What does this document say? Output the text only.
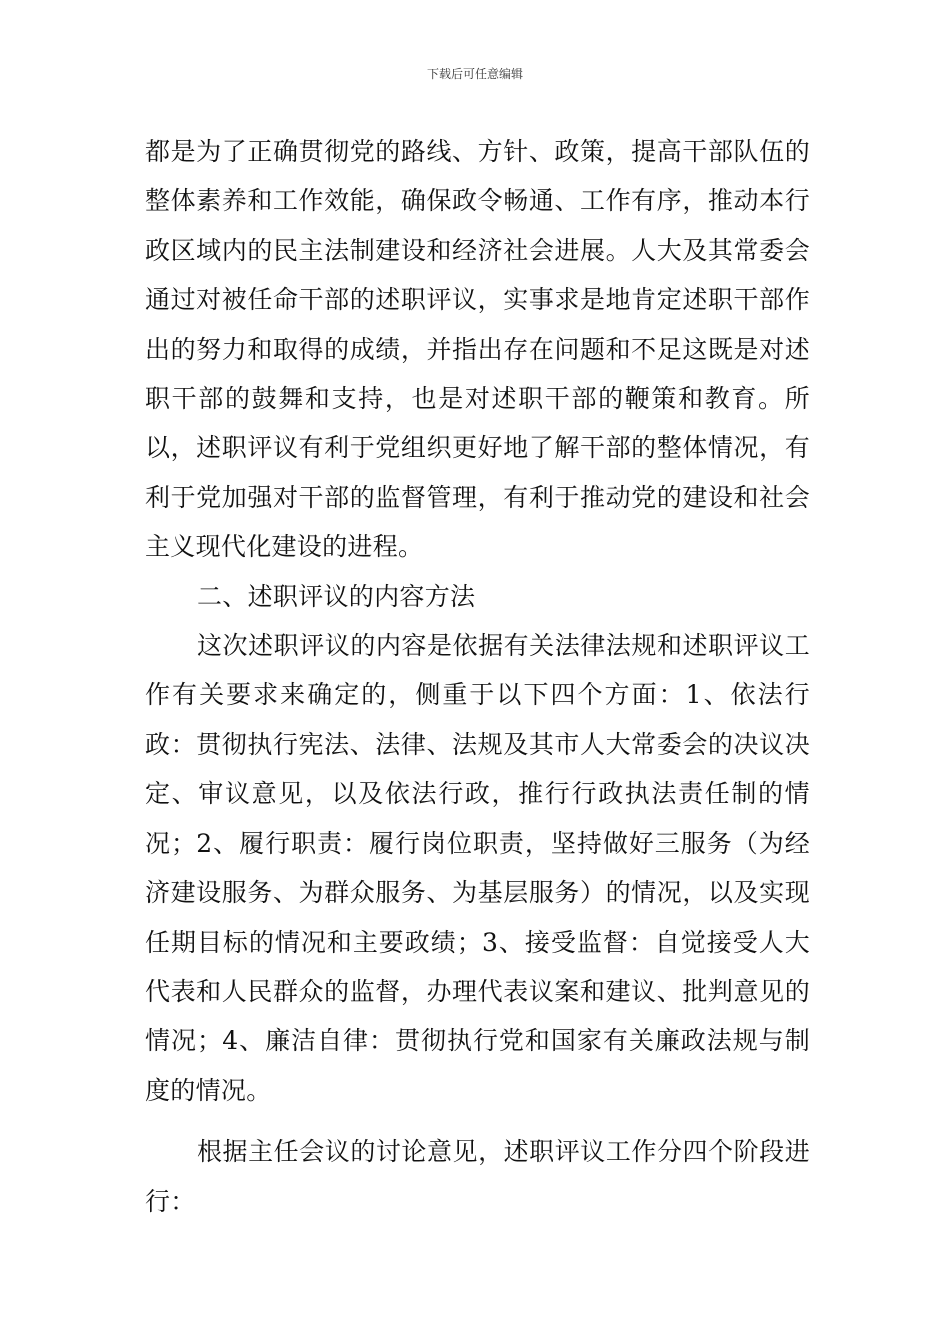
下载后可任意编辑

都是为了正确贯彻党的路线、方针、政策，提高干部队伍的整体素养和工作效能，确保政令畅通、工作有序，推动本行政区域内的民主法制建设和经济社会进展。人大及其常委会通过对被任命干部的述职评议，实事求是地肯定述职干部作出的努力和取得的成绩，并指出存在问题和不足这既是对述职干部的鼓舞和支持，也是对述职干部的鞭策和教育。所以，述职评议有利于党组织更好地了解干部的整体情况，有利于党加强对干部的监督管理，有利于推动党的建设和社会主义现代化建设的进程。

二、述职评议的内容方法

这次述职评议的内容是依据有关法律法规和述职评议工作有关要求来确定的，侧重于以下四个方面：1、依法行政：贯彻执行宪法、法律、法规及其市人大常委会的决议决定、审议意见，以及依法行政，推行行政执法责任制的情况；2、履行职责：履行岗位职责，坚持做好三服务（为经济建设服务、为群众服务、为基层服务）的情况，以及实现任期目标的情况和主要政绩；3、接受监督：自觉接受人大代表和人民群众的监督，办理代表议案和建议、批判意见的情况；4、廉洁自律：贯彻执行党和国家有关廉政法规与制度的情况。

根据主任会议的讨论意见，述职评议工作分四个阶段进行：
